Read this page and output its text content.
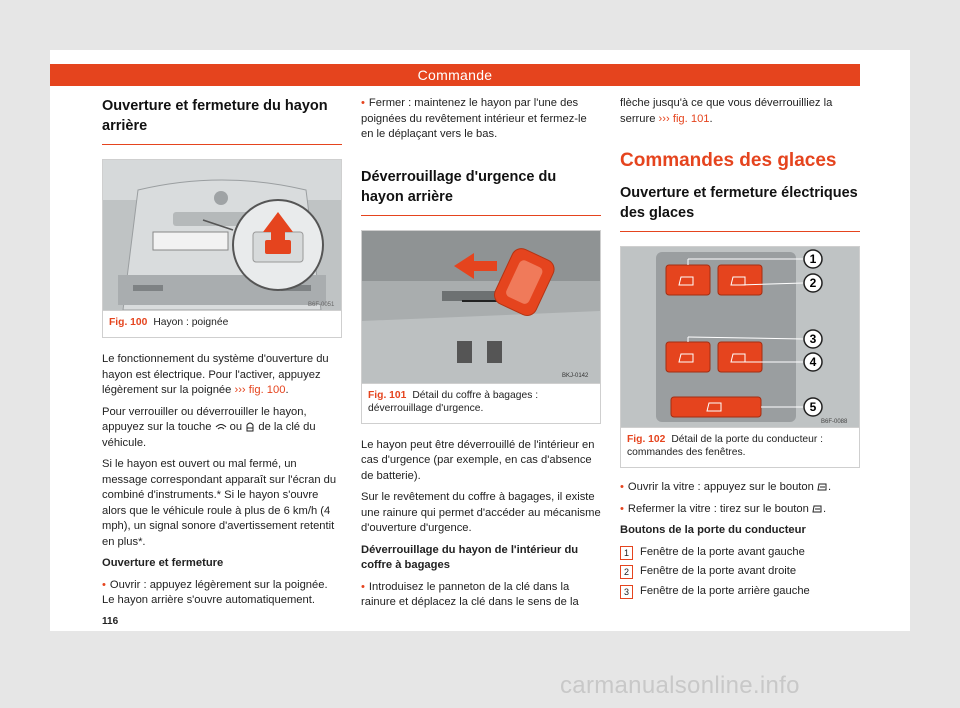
Commande
Ouverture et fermeture du hayon arrière
B6F-0051
Fig. 100 Hayon : poignée

Le fonctionnement du système d'ouverture du hayon est électrique. Pour l'activer, appuyez légèrement sur la poignée ››› fig. 100.

Pour verrouiller ou déverrouiller le hayon, appuyez sur la touche  ou  de la clé du véhicule.

Si le hayon est ouvert ou mal fermé, un message correspondant apparaît sur l'écran du combiné d'instruments.* Si le hayon s'ouvre alors que le véhicule roule à plus de 6 km/h (4 mph), un signal sonore d'avertissement retentit en plus*.

Ouverture et fermeture

• Ouvrir : appuyez légèrement sur la poignée. Le hayon arrière s'ouvre automatiquement.

• Fermer : maintenez le hayon par l'une des poignées du revêtement intérieur et fermez-le en le déplaçant vers le bas.

Déverrouillage d'urgence du hayon arrière
BKJ-0142
Fig. 101 Détail du coffre à bagages : déverrouillage d'urgence.

Le hayon peut être déverrouillé de l'intérieur en cas d'urgence (par exemple, en cas d'absence de batterie).

Sur le revêtement du coffre à bagages, il existe une rainure qui permet d'accéder au mécanisme d'ouverture d'urgence.

Déverrouillage du hayon de l'intérieur du coffre à bagages

• Introduisez le panneton de la clé dans la rainure et déplacez la clé dans le sens de la

flèche jusqu'à ce que vous déverrouilliez la serrure ››› fig. 101.

Commandes des glaces
Ouverture et fermeture électriques des glaces
1
2
3
4
5
B6F-0088
Fig. 102 Détail de la porte du conducteur : commandes des fenêtres.

• Ouvrir la vitre : appuyez sur le bouton .

• Refermer la vitre : tirez sur le bouton .

Boutons de la porte du conducteur
1 Fenêtre de la porte avant gauche
2 Fenêtre de la porte avant droite
3 Fenêtre de la porte arrière gauche
116
carmanualsonline.info
